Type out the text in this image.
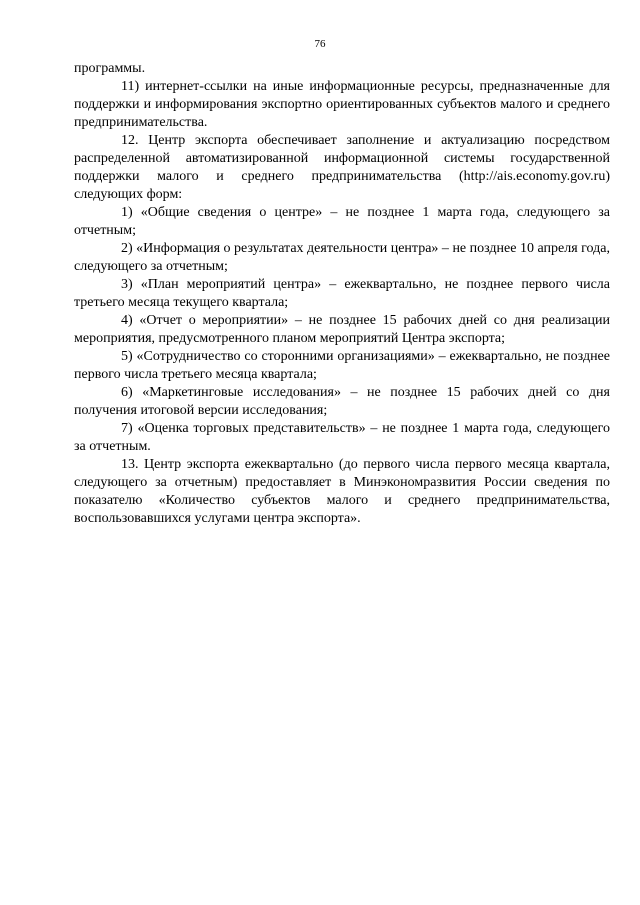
76

программы.

11) интернет-ссылки на иные информационные ресурсы, предназначенные для поддержки и информирования экспортно ориентированных субъектов малого и среднего предпринимательства.

12. Центр экспорта обеспечивает заполнение и актуализацию посредством распределенной автоматизированной информационной системы государственной поддержки малого и среднего предпринимательства (http://ais.economy.gov.ru) следующих форм:

1) «Общие сведения о центре» – не позднее 1 марта года, следующего за отчетным;

2) «Информация о результатах деятельности центра» – не позднее 10 апреля года, следующего за отчетным;

3) «План мероприятий центра» – ежеквартально, не позднее первого числа третьего месяца текущего квартала;

4) «Отчет о мероприятии» – не позднее 15 рабочих дней со дня реализации мероприятия, предусмотренного планом мероприятий Центра экспорта;

5) «Сотрудничество со сторонними организациями» – ежеквартально, не позднее первого числа третьего месяца квартала;

6) «Маркетинговые исследования» – не позднее 15 рабочих дней со дня получения итоговой версии исследования;

7) «Оценка торговых представительств» – не позднее 1 марта года, следующего за отчетным.

13. Центр экспорта ежеквартально (до первого числа первого месяца квартала, следующего за отчетным) предоставляет в Минэкономразвития России сведения по показателю «Количество субъектов малого и среднего предпринимательства, воспользовавшихся услугами центра экспорта».
